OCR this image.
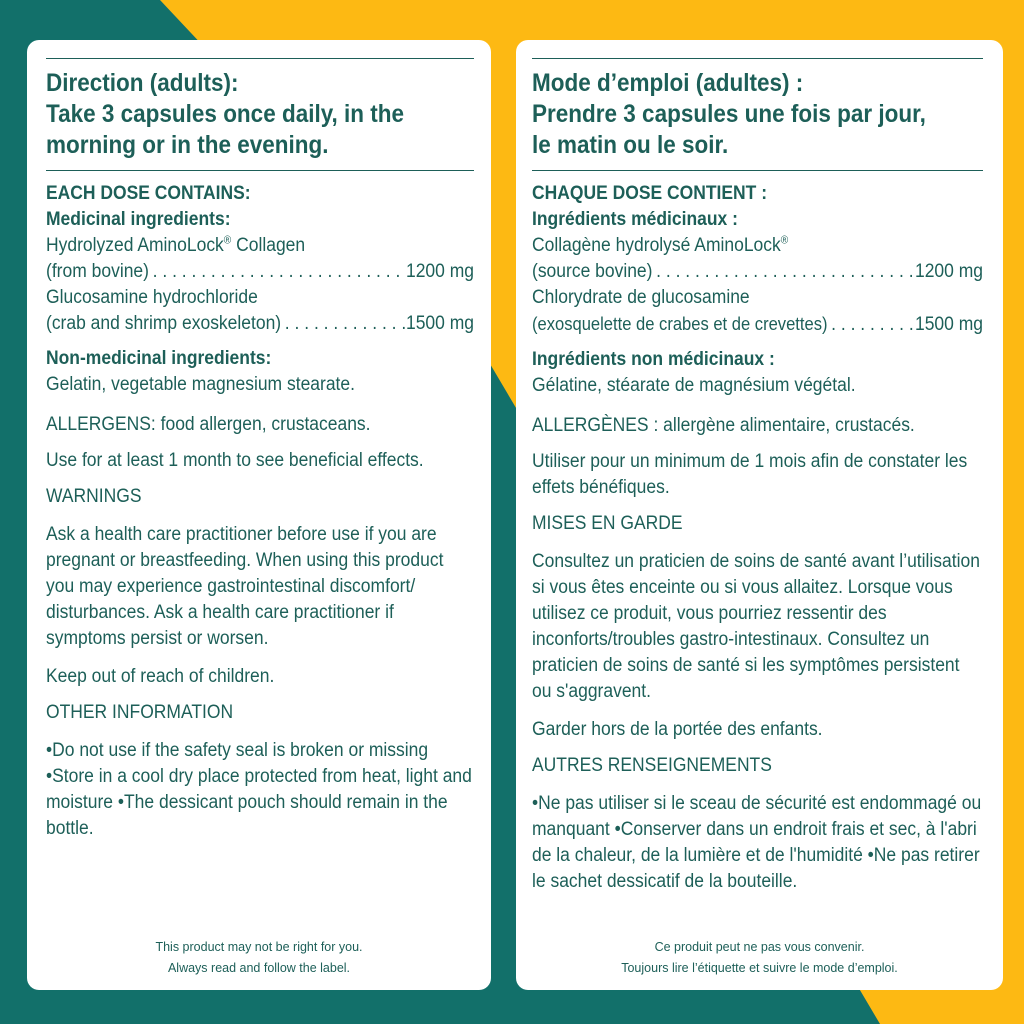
Direction (adults):
Take 3 capsules once daily, in the
morning or in the evening.
EACH DOSE CONTAINS:
Medicinal ingredients:
Hydrolyzed AminoLock® Collagen
(from bovine) . . .	1200 mg
Glucosamine hydrochloride
(crab and shrimp exoskeleton) . . .	1500 mg
Non-medicinal ingredients:
Gelatin, vegetable magnesium stearate.
ALLERGENS: food allergen, crustaceans.
Use for at least 1 month to see beneficial effects.
WARNINGS
Ask a health care practitioner before use if you are pregnant or breastfeeding. When using this product you may experience gastrointestinal discomfort/ disturbances. Ask a health care practitioner if symptoms persist or worsen.
Keep out of reach of children.
OTHER INFORMATION
•Do not use if the safety seal is broken or missing •Store in a cool dry place protected from heat, light and moisture •The dessicant pouch should remain in the bottle.
This product may not be right for you.
Always read and follow the label.
Mode d’emploi (adultes) :
Prendre 3 capsules une fois par jour,
le matin ou le soir.
CHAQUE DOSE CONTIENT :
Ingrédients médicinaux :
Collagène hydrolysé AminoLock®
(source bovine) . . .	1200 mg
Chlorydrate de glucosamine
(exosquelette de crabes et de crevettes) . . .	1500 mg
Ingrédients non médicinaux :
Gélatine, stéarate de magnésium végétal.
ALLERGÈNES : allergène alimentaire, crustacés.
Utiliser pour un minimum de 1 mois afin de constater les effets bénéfiques.
MISES EN GARDE
Consultez un praticien de soins de santé avant l’utilisation si vous êtes enceinte ou si vous allaitez. Lorsque vous utilisez ce produit, vous pourriez ressentir des inconforts/troubles gastro-intestinaux. Consultez un praticien de soins de santé si les symptômes persistent ou s'aggravent.
Garder hors de la portée des enfants.
AUTRES RENSEIGNEMENTS
•Ne pas utiliser si le sceau de sécurité est endommagé ou manquant •Conserver dans un endroit frais et sec, à l'abri de la chaleur, de la lumière et de l'humidité •Ne pas retirer le sachet dessicatif de la bouteille.
Ce produit peut ne pas vous convenir.
Toujours lire l’étiquette et suivre le mode d’emploi.
